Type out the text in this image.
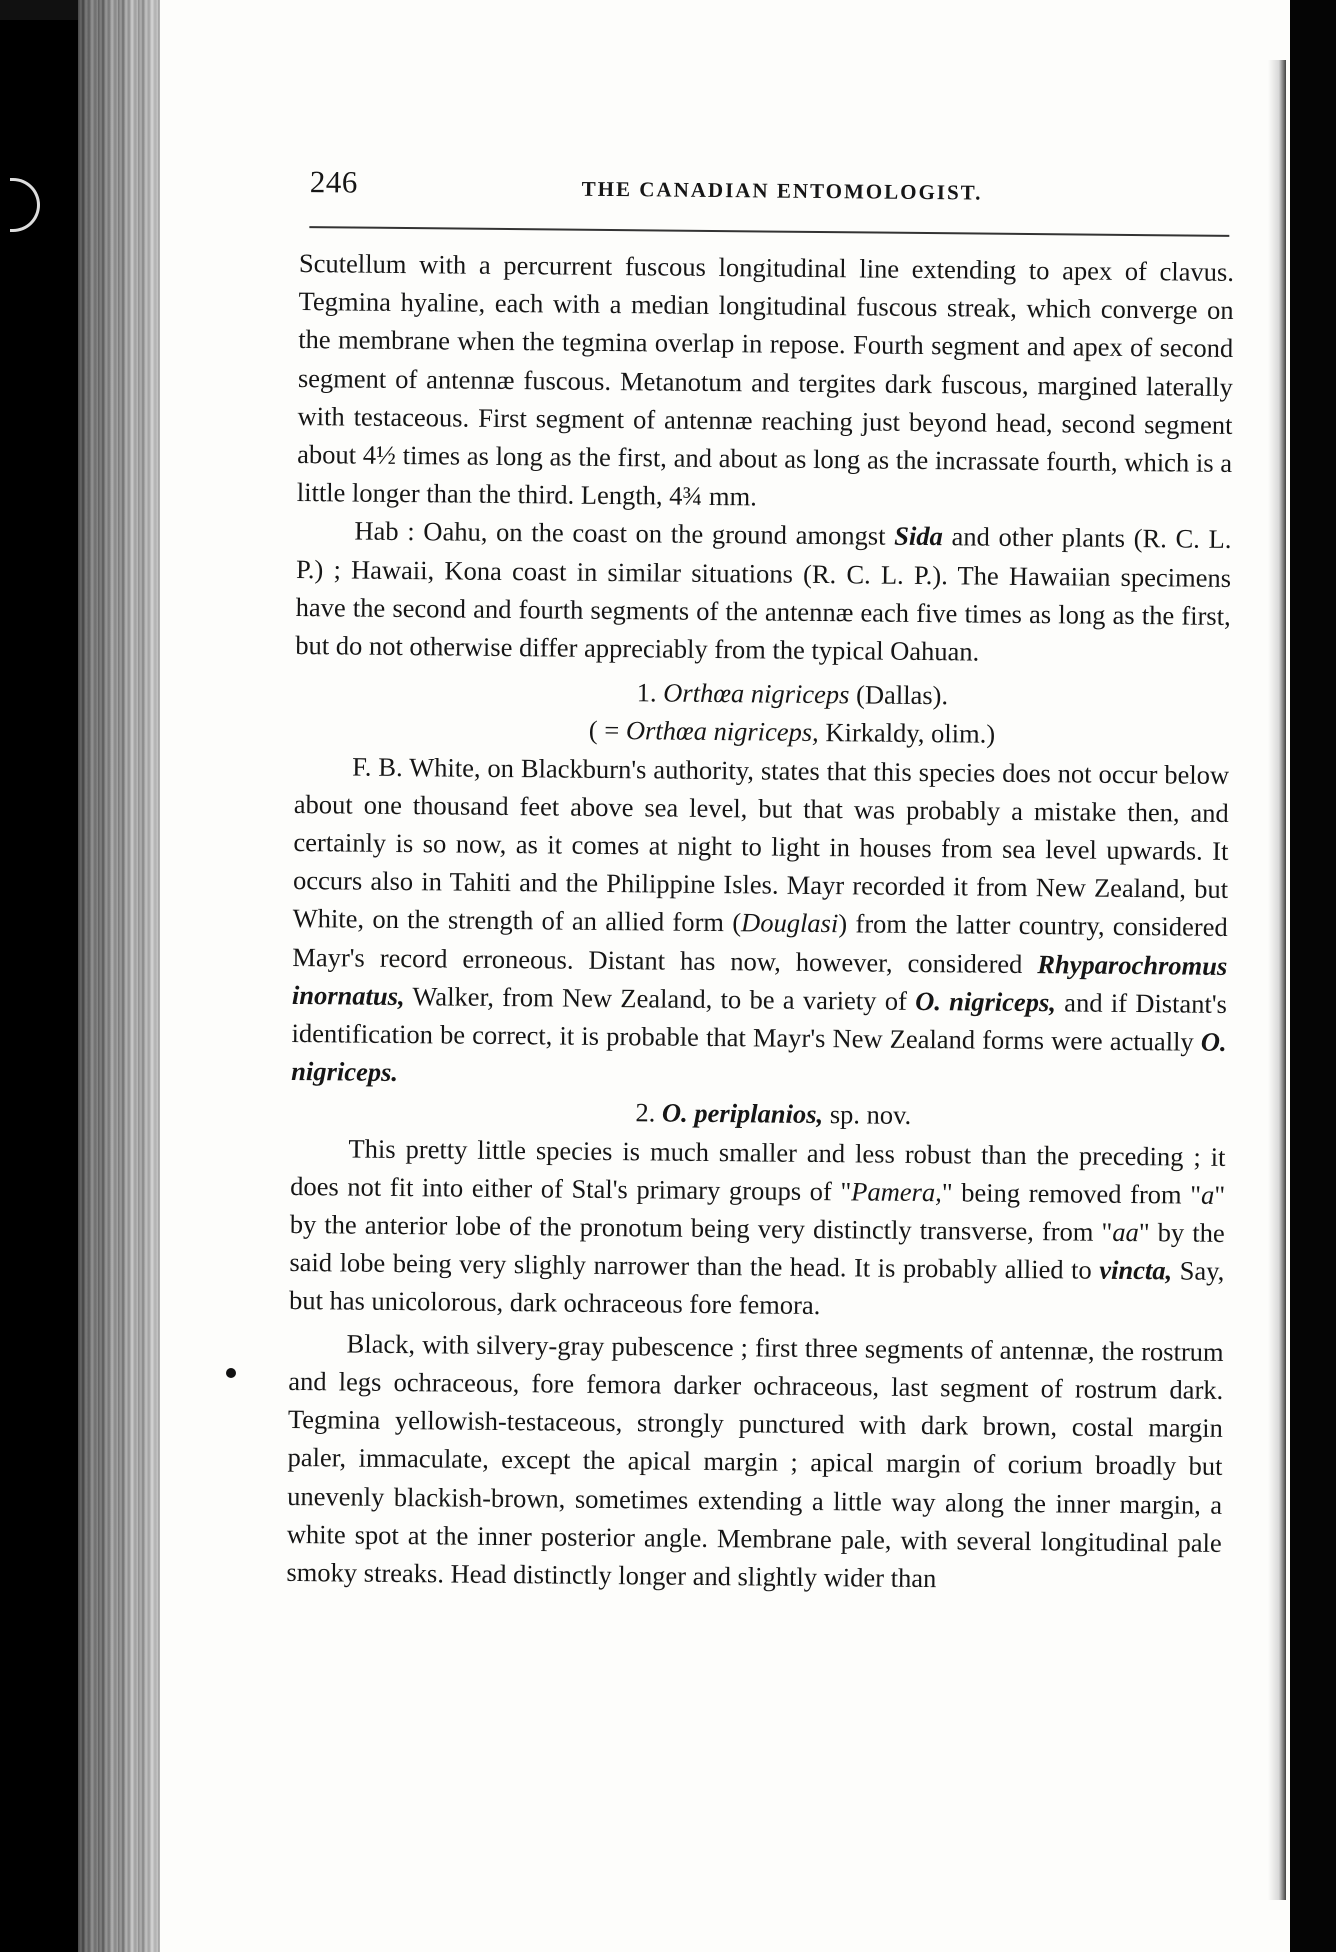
246	THE CANADIAN ENTOMOLOGIST.

Scutellum with a percurrent fuscous longitudinal line extending to apex of clavus. Tegmina hyaline, each with a median longitudinal fuscous streak, which converge on the membrane when the tegmina overlap in repose. Fourth segment and apex of second segment of antennæ fuscous. Metanotum and tergites dark fuscous, margined laterally with testaceous. First segment of antennæ reaching just beyond head, second segment about 4½ times as long as the first, and about as long as the incrassate fourth, which is a little longer than the third. Length, 4¾ mm.

Hab : Oahu, on the coast on the ground amongst Sida and other plants (R. C. L. P.) ; Hawaii, Kona coast in similar situations (R. C. L. P.). The Hawaiian specimens have the second and fourth segments of the antennæ each five times as long as the first, but do not otherwise differ appreciably from the typical Oahuan.

1. Orthœa nigriceps (Dallas).

( = Orthœa nigriceps, Kirkaldy, olim.)

F. B. White, on Blackburn's authority, states that this species does not occur below about one thousand feet above sea level, but that was probably a mistake then, and certainly is so now, as it comes at night to light in houses from sea level upwards. It occurs also in Tahiti and the Philippine Isles. Mayr recorded it from New Zealand, but White, on the strength of an allied form (Douglasi) from the latter country, considered Mayr's record erroneous. Distant has now, however, considered Rhyparochromus inornatus, Walker, from New Zealand, to be a variety of O. nigriceps, and if Distant's identification be correct, it is probable that Mayr's New Zealand forms were actually O. nigriceps.

2. O. periplanios, sp. nov.

This pretty little species is much smaller and less robust than the preceding ; it does not fit into either of Stal's primary groups of "Pamera," being removed from "a" by the anterior lobe of the pronotum being very distinctly transverse, from "aa" by the said lobe being very slighly narrower than the head. It is probably allied to vincta, Say, but has unicolorous, dark ochraceous fore femora.

Black, with silvery-gray pubescence ; first three segments of antennæ, the rostrum and legs ochraceous, fore femora darker ochraceous, last segment of rostrum dark. Tegmina yellowish-testaceous, strongly punctured with dark brown, costal margin paler, immaculate, except the apical margin ; apical margin of corium broadly but unevenly blackish-brown, sometimes extending a little way along the inner margin, a white spot at the inner posterior angle. Membrane pale, with several longitudinal pale smoky streaks. Head distinctly longer and slightly wider than
